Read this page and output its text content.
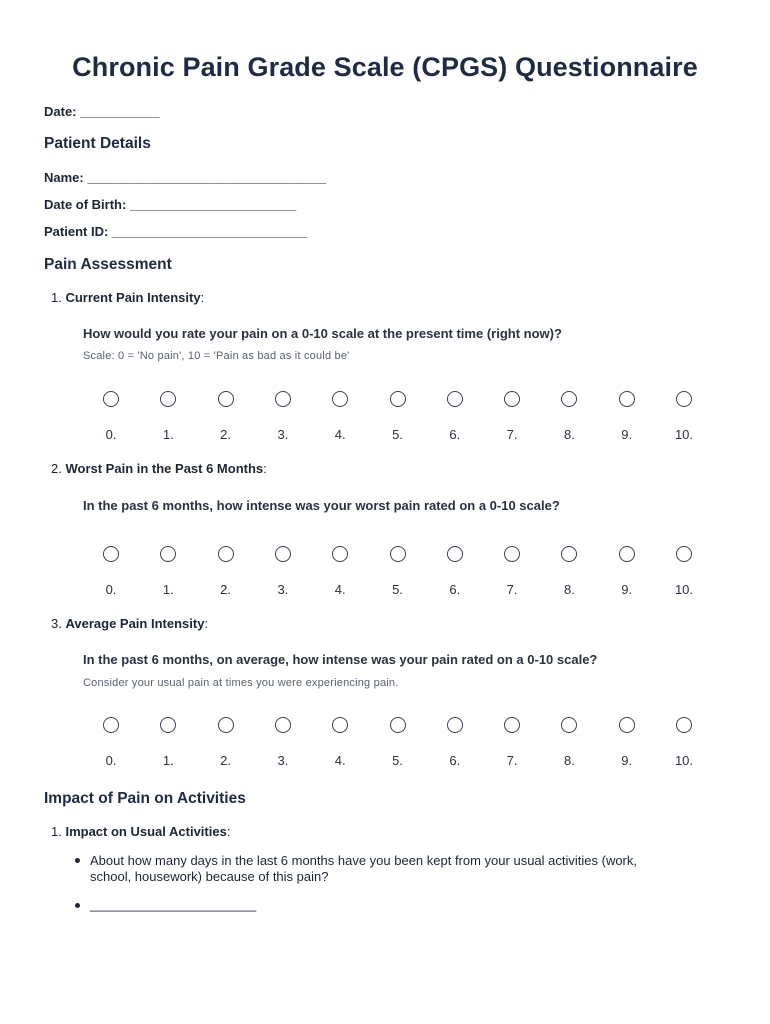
Chronic Pain Grade Scale (CPGS) Questionnaire
Date: ___________
Patient Details
Name: _________________________________
Date of Birth: _______________________
Patient ID: ___________________________
Pain Assessment
1. Current Pain Intensity:
How would you rate your pain on a 0-10 scale at the present time (right now)?
Scale: 0 = 'No pain', 10 = 'Pain as bad as it could be'
0.	1.	2.	3.	4.	5.	6.	7.	8.	9.	10.
2. Worst Pain in the Past 6 Months:
In the past 6 months, how intense was your worst pain rated on a 0-10 scale?
0.	1.	2.	3.	4.	5.	6.	7.	8.	9.	10.
3. Average Pain Intensity:
In the past 6 months, on average, how intense was your pain rated on a 0-10 scale?
Consider your usual pain at times you were experiencing pain.
0.	1.	2.	3.	4.	5.	6.	7.	8.	9.	10.
Impact of Pain on Activities
1. Impact on Usual Activities:
About how many days in the last 6 months have you been kept from your usual activities (work,
school, housework) because of this pain?
_______________________
